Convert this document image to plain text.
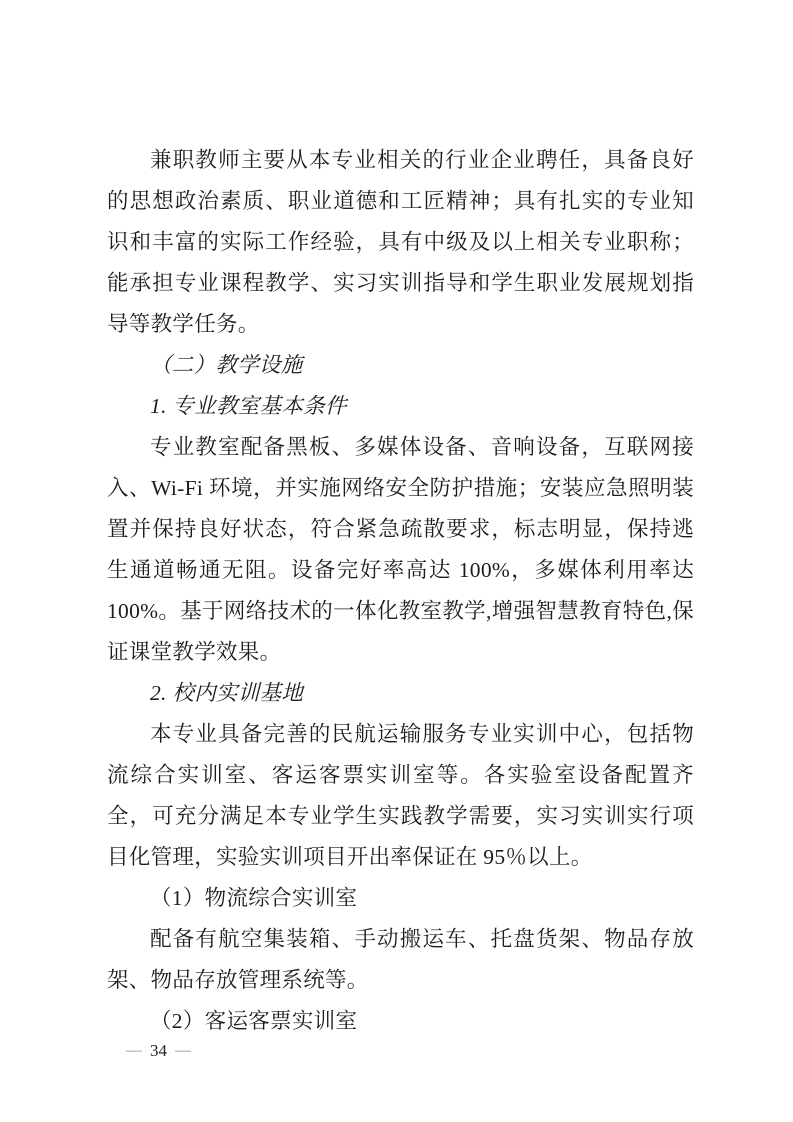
兼职教师主要从本专业相关的行业企业聘任，具备良好的思想政治素质、职业道德和工匠精神；具有扎实的专业知识和丰富的实际工作经验，具有中级及以上相关专业职称；能承担专业课程教学、实习实训指导和学生职业发展规划指导等教学任务。

（二）教学设施
1. 专业教室基本条件

专业教室配备黑板、多媒体设备、音响设备，互联网接入、Wi-Fi 环境，并实施网络安全防护措施；安装应急照明装置并保持良好状态，符合紧急疏散要求，标志明显，保持逃生通道畅通无阻。设备完好率高达 100%，多媒体利用率达 100%。基于网络技术的一体化教室教学,增强智慧教育特色,保证课堂教学效果。

2. 校内实训基地

本专业具备完善的民航运输服务专业实训中心，包括物流综合实训室、客运客票实训室等。各实验室设备配置齐全，可充分满足本专业学生实践教学需要，实习实训实行项目化管理，实验实训项目开出率保证在 95％以上。

（1）物流综合实训室

配备有航空集装箱、手动搬运车、托盘货架、物品存放架、物品存放管理系统等。

（2）客运客票实训室

— 34 —
